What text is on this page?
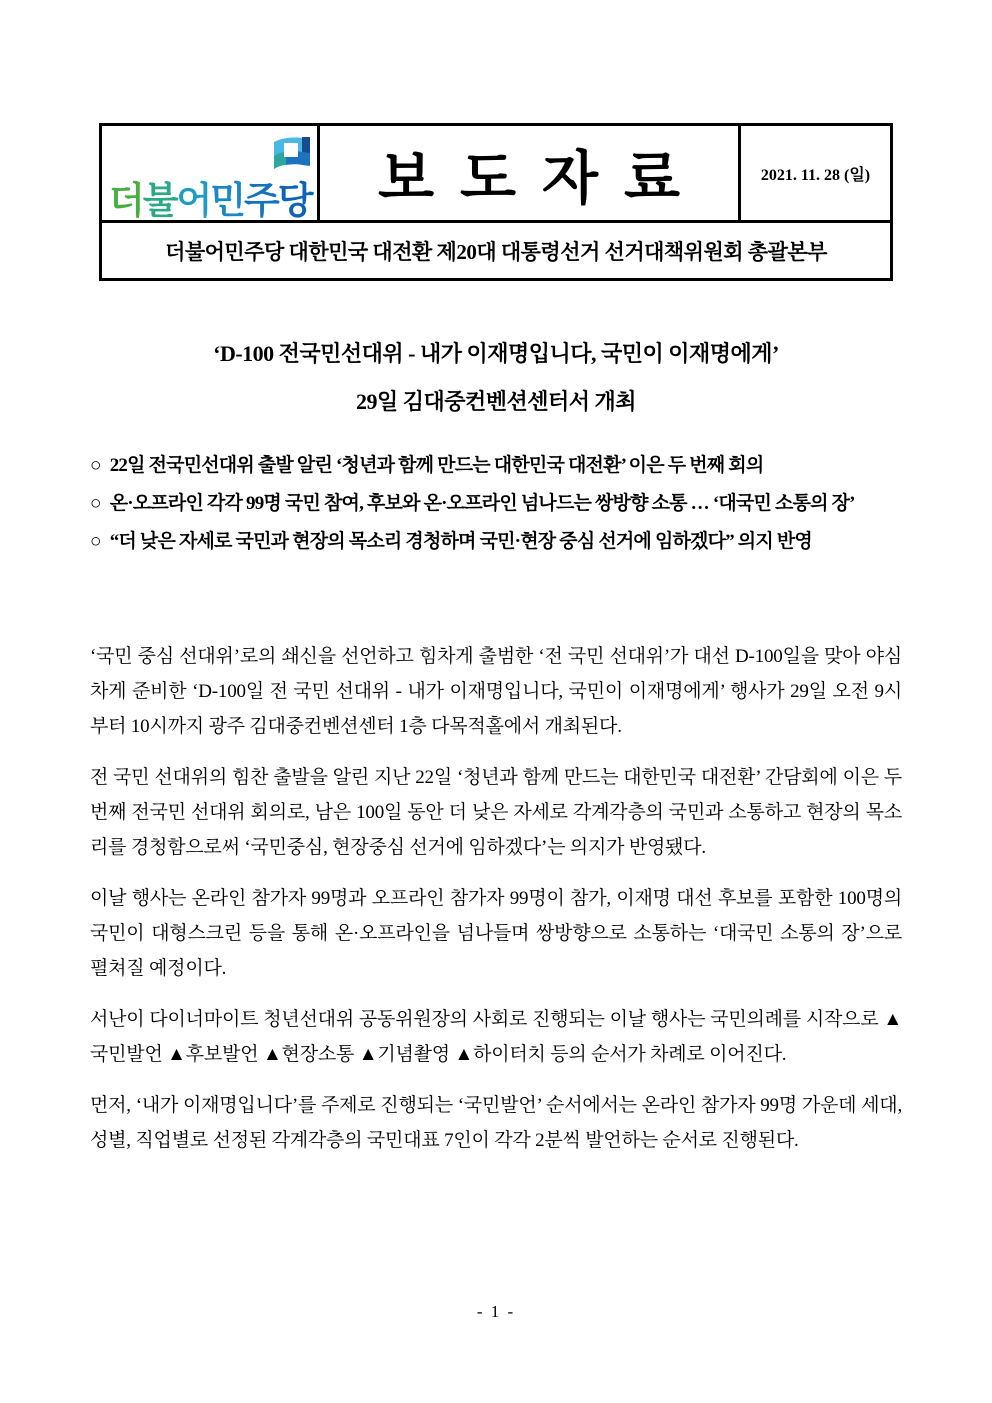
더불어민주당 보도자료	2021. 11. 28 (일)
더불어민주당 대한민국 대전환 제20대 대통령선거 선거대책위원회 총괄본부
‘D-100 전국민선대위 - 내가 이재명입니다, 국민이 이재명에게’
29일 김대중컨벤션센터서 개최
○ 22일 전국민선대위 출발 알린 ‘청년과 함께 만드는 대한민국 대전환’ 이은 두 번째 회의
○ 온·오프라인 각각 99명 국민 참여, 후보와 온·오프라인 넘나드는 쌍방향 소통 … ‘대국민 소통의 장’
○ “더 낮은 자세로 국민과 현장의 목소리 경청하며 국민·현장 중심 선거에 임하겠다” 의지 반영

‘국민 중심 선대위’로의 쇄신을 선언하고 힘차게 출범한 ‘전 국민 선대위’가 대선 D-100일을 맞아 야심차게 준비한 ‘D-100일 전 국민 선대위 - 내가 이재명입니다, 국민이 이재명에게’ 행사가 29일 오전 9시부터 10시까지 광주 김대중컨벤션센터 1층 다목적홀에서 개최된다.

전 국민 선대위의 힘찬 출발을 알린 지난 22일 ‘청년과 함께 만드는 대한민국 대전환’ 간담회에 이은 두 번째 전국민 선대위 회의로, 남은 100일 동안 더 낮은 자세로 각계각층의 국민과 소통하고 현장의 목소리를 경청함으로써 ‘국민중심, 현장중심 선거에 임하겠다’는 의지가 반영됐다.

이날 행사는 온라인 참가자 99명과 오프라인 참가자 99명이 참가, 이재명 대선 후보를 포함한 100명의 국민이 대형스크린 등을 통해 온·오프라인을 넘나들며 쌍방향으로 소통하는 ‘대국민 소통의 장’으로 펼쳐질 예정이다.

서난이 다이너마이트 청년선대위 공동위원장의 사회로 진행되는 이날 행사는 국민의례를 시작으로 ▲국민발언 ▲후보발언 ▲현장소통 ▲기념촬영 ▲하이터치 등의 순서가 차례로 이어진다.

먼저, ‘내가 이재명입니다’를 주제로 진행되는 ‘국민발언’ 순서에서는 온라인 참가자 99명 가운데 세대, 성별, 직업별로 선정된 각계각층의 국민대표 7인이 각각 2분씩 발언하는 순서로 진행된다.

- 1 -
